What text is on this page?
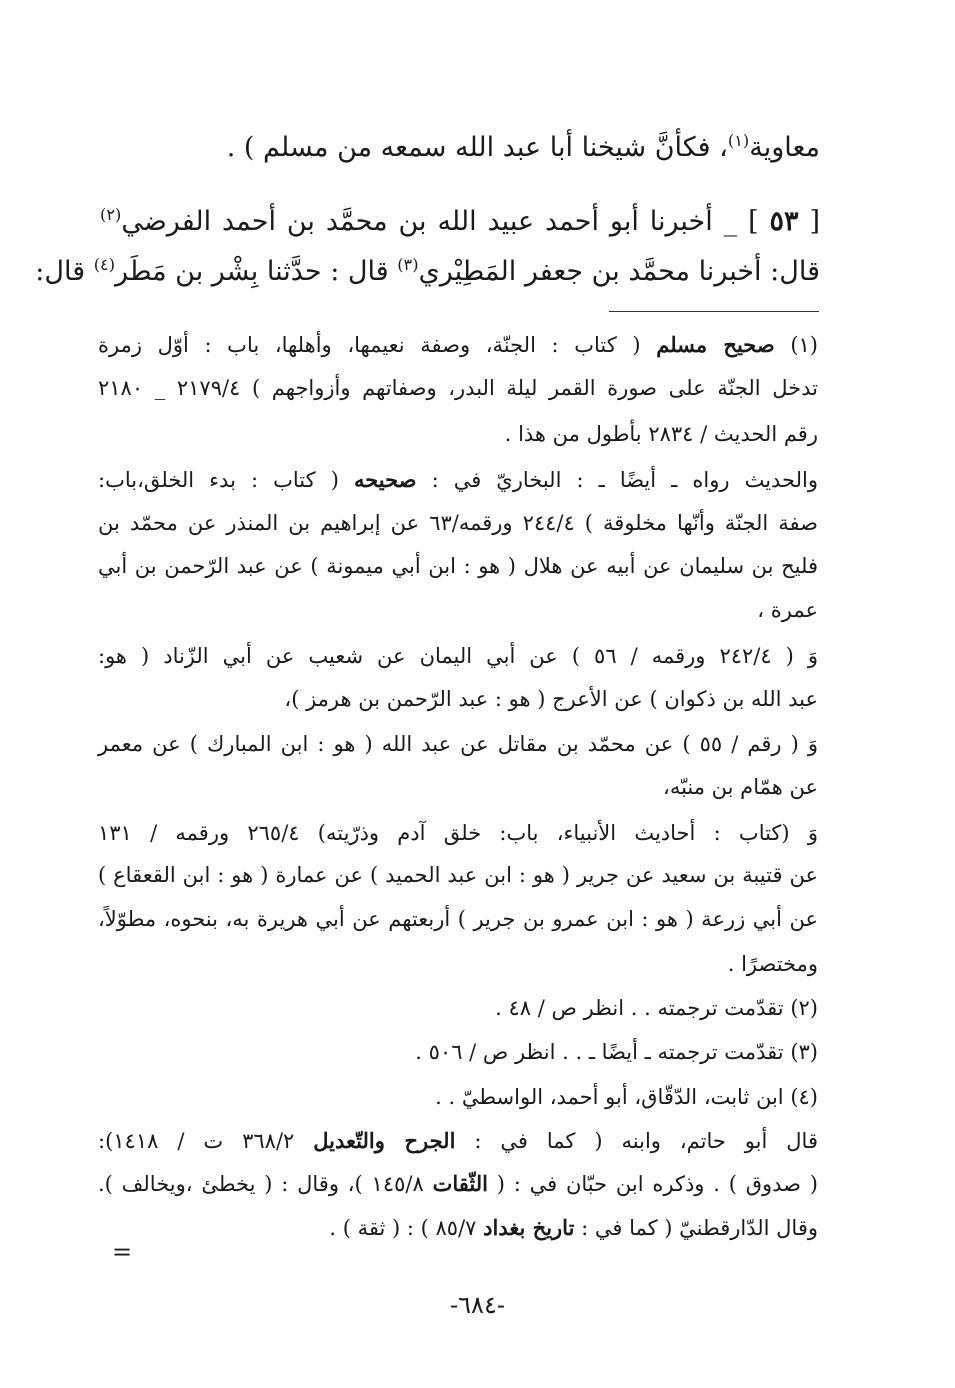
معاوية$^{(١)}$، فكأنَّ شيخنا أبا عبد الله سمعه من مسلم ) .
[ ٥٣ ] _ أخبرنا أبو أحمد عبيد الله بن محمَّد بن أحمد الفرضي$^{(٢)}$
قال: أخبرنا محمَّد بن جعفر المَطِيْري$^{(٣)}$ قال : حدَّثنا بِشْر بن مَطَر$^{(٤)}$ قال:
(١) صحيح مسلم ( كتاب : الجنّة، وصفة نعيمها، وأهلها، باب : أوّل زمرة
تدخل الجنّة على صورة القمر ليلة البدر، وصفاتهم وأزواجهم ) ٢١٧٩/٤ _ ٢١٨٠
رقم الحديث / ٢٨٣٤ بأطول من هذا .
والحديث رواه ـ أيضًا ـ : البخاريّ في : صحيحه ( كتاب : بدء الخلق،باب:
صفة الجنّة وأنّها مخلوقة ) ٢٤٤/٤ ورقمه/٦٣ عن إبراهيم بن المنذر عن محمّد بن
فليح بن سليمان عن أبيه عن هلال ( هو : ابن أبي ميمونة ) عن عبد الرّحمن بن أبي
عمرة ،
وَ ( ٢٤٢/٤ ورقمه / ٥٦ ) عن أبي اليمان عن شعيب عن أبي الزّناد ( هو:
عبد الله بن ذكوان ) عن الأعرج ( هو : عبد الرّحمن بن هرمز )،
وَ ( رقم / ٥٥ ) عن محمّد بن مقاتل عن عبد الله ( هو : ابن المبارك ) عن معمر
عن همّام بن منبّه،
وَ (كتاب : أحاديث الأنبياء، باب: خلق آدم وذرّيته) ٢٦٥/٤ ورقمه / ١٣١
عن قتيبة بن سعيد عن جرير ( هو : ابن عبد الحميد ) عن عمارة ( هو : ابن القعقاع )
عن أبي زرعة ( هو : ابن عمرو بن جرير ) أربعتهم عن أبي هريرة به، بنحوه، مطوّلاً،
ومختصرًا .
(٢) تقدّمت ترجمته . . انظر ص / ٤٨ .
(٣) تقدّمت ترجمته ـ أيضًا ـ . . انظر ص / ٥٠٦ .
(٤) ابن ثابت، الدّقّاق، أبو أحمد، الواسطيّ . .
قال أبو حاتم، وابنه ( كما في : الجرح والتّعديل ٣٦٨/٢ ت / ١٤١٨):
( صدوق ) . وذكره ابن حبّان في : ( الثّقات ١٤٥/٨ )، وقال : ( يخطئ ،ويخالف ).
وقال الدّارقطنيّ ( كما في : تاريخ بغداد ٨٥/٧ ) : ( ثقة ) .
=
-٦٨٤-
